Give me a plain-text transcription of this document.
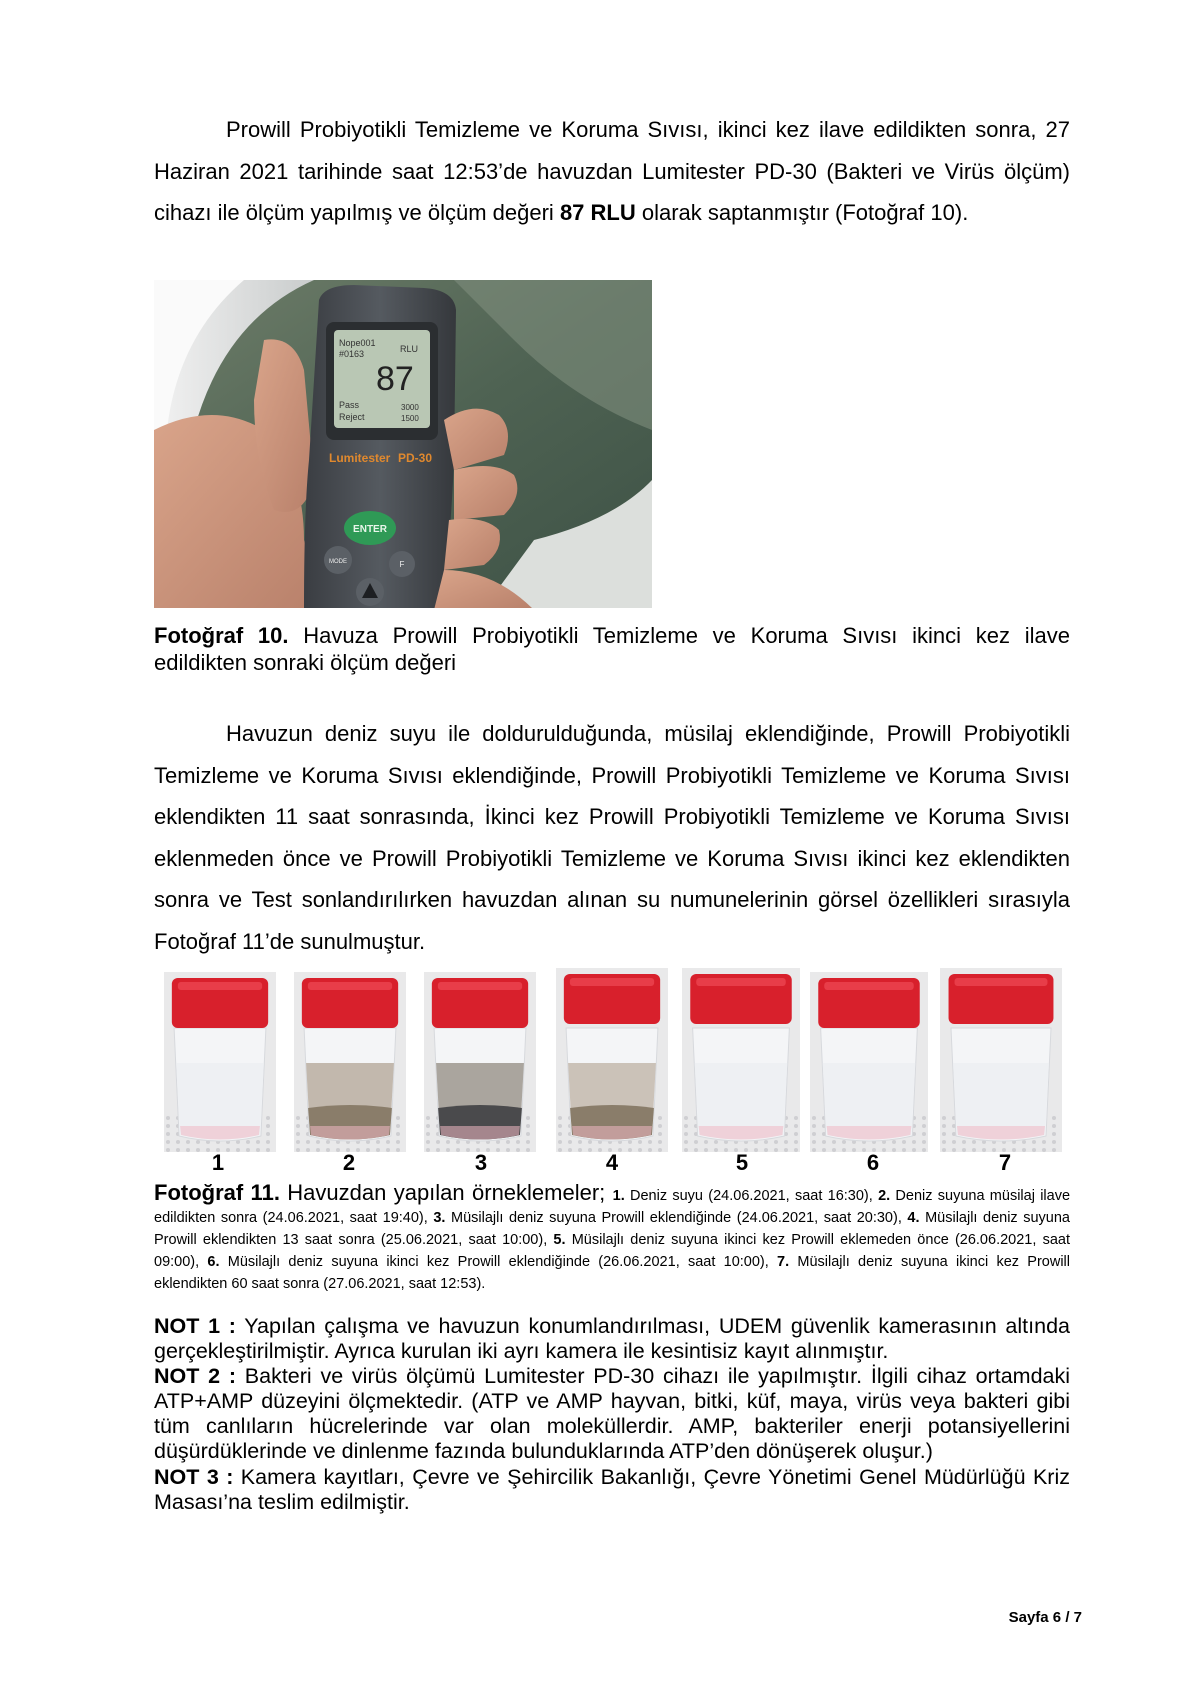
Prowill Probiyotikli Temizleme ve Koruma Sıvısı, ikinci kez ilave edildikten sonra, 27 Haziran 2021 tarihinde saat 12:53’de havuzdan Lumitester PD-30 (Bakteri ve Virüs ölçüm) cihazı ile ölçüm yapılmış ve ölçüm değeri 87 RLU olarak saptanmıştır (Fotoğraf 10).

Nope001
#0163	RLU
87
Pass
Reject
3000
1500
Lumitester PD-30
ENTER
MODE	F

Fotoğraf 10. Havuza Prowill Probiyotikli Temizleme ve Koruma Sıvısı ikinci kez ilave edildikten sonraki ölçüm değeri

Havuzun deniz suyu ile doldurulduğunda, müsilaj eklendiğinde, Prowill Probiyotikli Temizleme ve Koruma Sıvısı eklendiğinde, Prowill Probiyotikli Temizleme ve Koruma Sıvısı eklendikten 11 saat sonrasında, İkinci kez Prowill Probiyotikli Temizleme ve Koruma Sıvısı eklenmeden önce ve Prowill Probiyotikli Temizleme ve Koruma Sıvısı ikinci kez eklendikten sonra ve Test sonlandırılırken havuzdan alınan su numunelerinin görsel özellikleri sırasıyla Fotoğraf 11’de sunulmuştur.

1	2	3	4	5	6	7

Fotoğraf 11. Havuzdan yapılan örneklemeler; 1. Deniz suyu (24.06.2021, saat 16:30), 2. Deniz suyuna müsilaj ilave edildikten sonra (24.06.2021, saat 19:40), 3. Müsilajlı deniz suyuna Prowill eklendiğinde (24.06.2021, saat 20:30), 4. Müsilajlı deniz suyuna Prowill eklendikten 13 saat sonra (25.06.2021, saat 10:00), 5. Müsilajlı deniz suyuna ikinci kez Prowill eklemeden önce (26.06.2021, saat 09:00), 6. Müsilajlı deniz suyuna ikinci kez Prowill eklendiğinde (26.06.2021, saat 10:00), 7. Müsilajlı deniz suyuna ikinci kez Prowill eklendikten 60 saat sonra (27.06.2021, saat 12:53).

NOT 1 : Yapılan çalışma ve havuzun konumlandırılması, UDEM güvenlik kamerasının altında gerçekleştirilmiştir. Ayrıca kurulan iki ayrı kamera ile kesintisiz kayıt alınmıştır.

NOT 2 : Bakteri ve virüs ölçümü Lumitester PD-30 cihazı ile yapılmıştır. İlgili cihaz ortamdaki ATP+AMP düzeyini ölçmektedir. (ATP ve AMP hayvan, bitki, küf, maya, virüs veya bakteri gibi tüm canlıların hücrelerinde var olan moleküllerdir. AMP, bakteriler enerji potansiyellerini düşürdüklerinde ve dinlenme fazında bulunduklarında ATP’den dönüşerek oluşur.)

NOT 3 : Kamera kayıtları, Çevre ve Şehircilik Bakanlığı, Çevre Yönetimi Genel Müdürlüğü Kriz Masası’na teslim edilmiştir.

Sayfa 6 / 7
